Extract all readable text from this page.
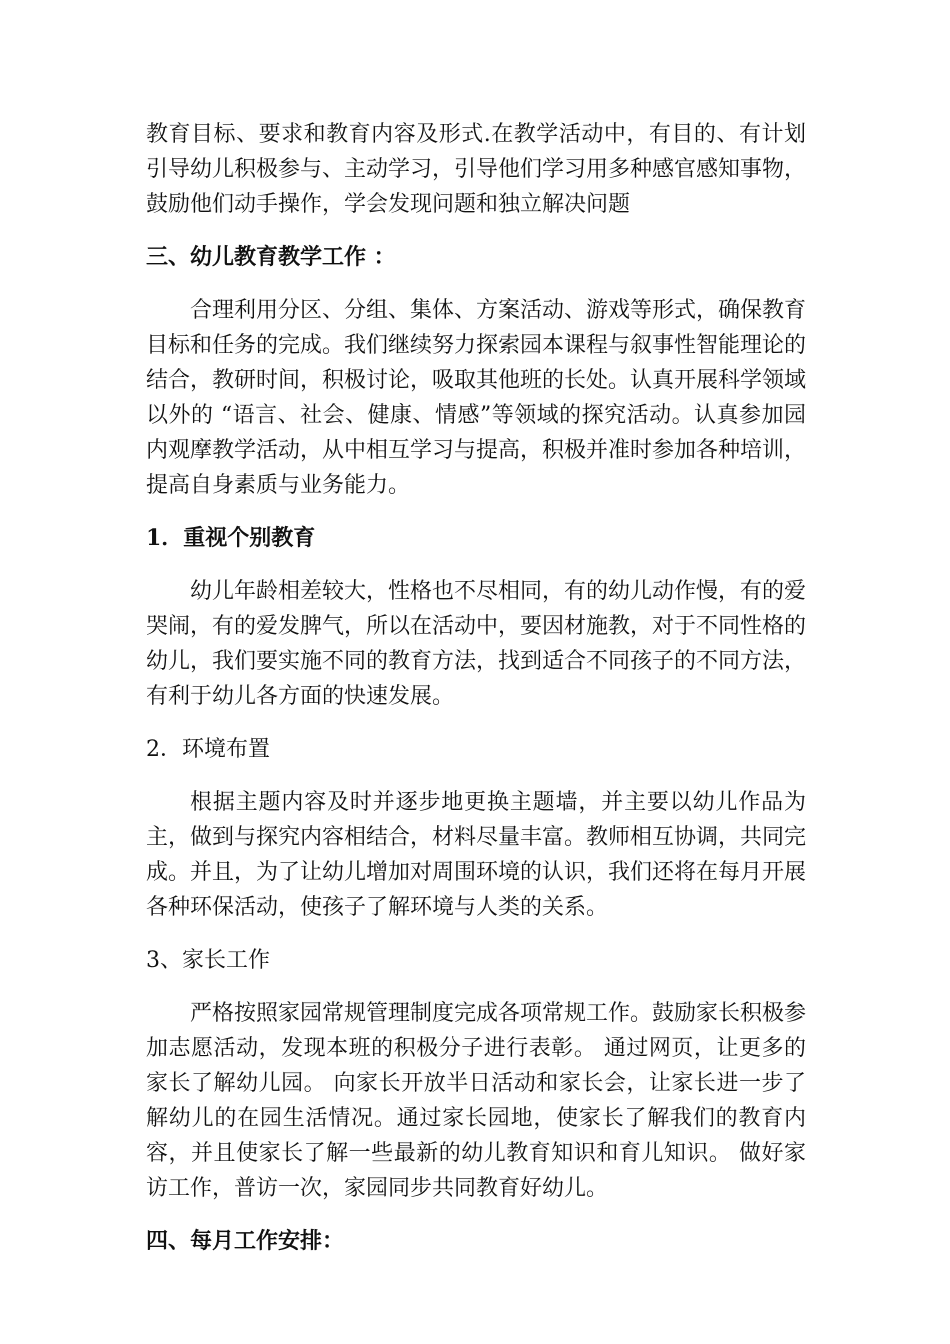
教育目标、要求和教育内容及形式.在教学活动中，有目的、有计划引导幼儿积极参与、主动学习，引导他们学习用多种感官感知事物，鼓励他们动手操作，学会发现问题和独立解决问题

三、幼儿教育教学工作 ：

合理利用分区、分组、集体、方案活动、游戏等形式，确保教育目标和任务的完成。我们继续努力探索园本课程与叙事性智能理论的结合，教研时间，积极讨论，吸取其他班的长处。认真开展科学领域以外的 “语言、社会、健康、情感”等领域的探究活动。认真参加园内观摩教学活动，从中相互学习与提高，积极并准时参加各种培训，提高自身素质与业务能力。

1．重视个别教育

幼儿年龄相差较大，性格也不尽相同，有的幼儿动作慢，有的爱哭闹，有的爱发脾气，所以在活动中，要因材施教，对于不同性格的幼儿，我们要实施不同的教育方法，找到适合不同孩子的不同方法，有利于幼儿各方面的快速发展。

2．环境布置

根据主题内容及时并逐步地更换主题墙，并主要以幼儿作品为主，做到与探究内容相结合，材料尽量丰富。教师相互协调，共同完成。并且，为了让幼儿增加对周围环境的认识，我们还将在每月开展各种环保活动，使孩子了解环境与人类的关系。

3、家长工作

严格按照家园常规管理制度完成各项常规工作。鼓励家长积极参加志愿活动，发现本班的积极分子进行表彰。 通过网页，让更多的家长了解幼儿园。 向家长开放半日活动和家长会，让家长进一步了解幼儿的在园生活情况。通过家长园地，使家长了解我们的教育内容，并且使家长了解一些最新的幼儿教育知识和育儿知识。 做好家访工作，普访一次，家园同步共同教育好幼儿。

四、每月工作安排：
